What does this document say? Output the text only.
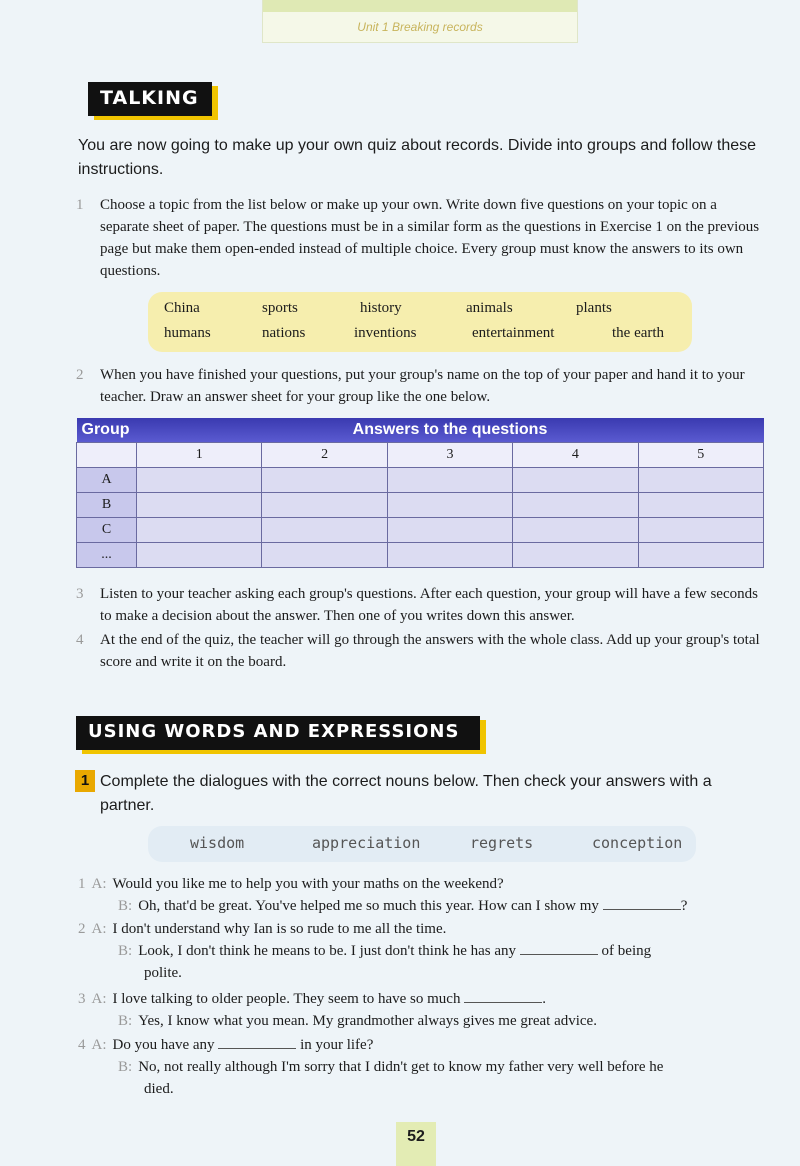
Unit 1 Breaking records
TALKING
You are now going to make up your own quiz about records. Divide into groups and follow these instructions.
1 Choose a topic from the list below or make up your own. Write down five questions on your topic on a separate sheet of paper. The questions must be in a similar form as the questions in Exercise 1 on the previous page but make them open-ended instead of multiple choice. Every group must know the answers to its own questions.
China	sports	history	animals	plants
humans	nations	inventions	entertainment	the earth
2 When you have finished your questions, put your group's name on the top of your paper and hand it to your teacher. Draw an answer sheet for your group like the one below.
Group	Answers to the questions				
	1	2	3	4	5
A					
B					
C					
...					
3 Listen to your teacher asking each group's questions. After each question, your group will have a few seconds to make a decision about the answer. Then one of you writes down this answer.
4 At the end of the quiz, the teacher will go through the answers with the whole class. Add up your group's total score and write it on the board.
USING WORDS AND EXPRESSIONS
1 Complete the dialogues with the correct nouns below. Then check your answers with a partner.
wisdom	appreciation	regrets	conception
1 A: Would you like me to help you with your maths on the weekend?
B: Oh, that'd be great. You've helped me so much this year. How can I show my	?
2 A: I don't understand why Ian is so rude to me all the time.
B: Look, I don't think he means to be. I just don't think he has any	of being
polite.
3 A: I love talking to older people. They seem to have so much	.
B: Yes, I know what you mean. My grandmother always gives me great advice.
4 A: Do you have any	in your life?
B: No, not really although I'm sorry that I didn't get to know my father very well before he
died.
52
